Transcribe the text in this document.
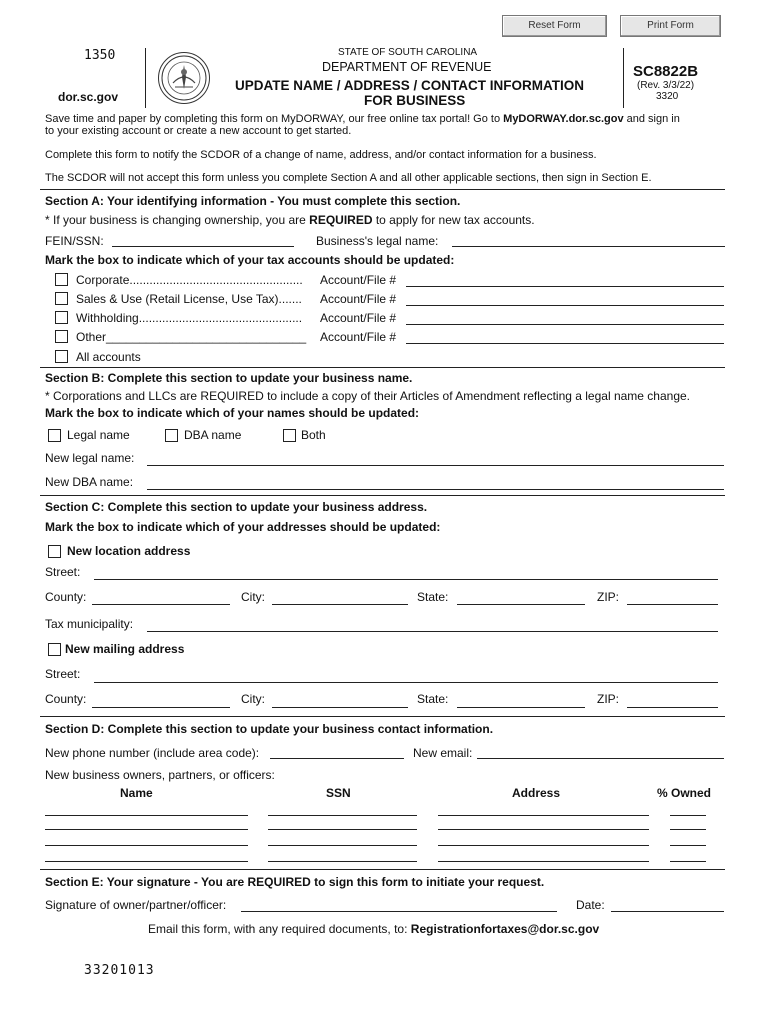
Reset Form	Print Form
1350
dor.sc.gov
STATE OF SOUTH CAROLINA
DEPARTMENT OF REVENUE
UPDATE NAME / ADDRESS / CONTACT INFORMATION
FOR BUSINESS
SC8822B
(Rev. 3/3/22)
3320
Save time and paper by completing this form on MyDORWAY, our free online tax portal! Go to MyDORWAY.dor.sc.gov and sign in
to your existing account or create a new account to get started.
Complete this form to notify the SCDOR of a change of name, address, and/or contact information for a business.
The SCDOR will not accept this form unless you complete Section A and all other applicable sections, then sign in Section E.
Section A: Your identifying information - You must complete this section.
* If your business is changing ownership, you are REQUIRED to apply for new tax accounts.
FEIN/SSN:	Business's legal name:
Mark the box to indicate which of your tax accounts should be updated:
Corporate.................................................... Account/File #
Sales & Use (Retail License, Use Tax)....... Account/File #
Withholding................................................. Account/File #
Other______________________________ Account/File #
All accounts
Section B: Complete this section to update your business name.
* Corporations and LLCs are REQUIRED to include a copy of their Articles of Amendment reflecting a legal name change.
Mark the box to indicate which of your names should be updated:
Legal name	DBA name	Both
New legal name:
New DBA name:
Section C: Complete this section to update your business address.
Mark the box to indicate which of your addresses should be updated:
New location address
Street:
County:	City:	State:	ZIP:
Tax municipality:
New mailing address
Street:
County:	City:	State:	ZIP:
Section D: Complete this section to update your business contact information.
New phone number (include area code):	New email:
New business owners, partners, or officers:
Name	SSN	Address	% Owned
Section E: Your signature - You are REQUIRED to sign this form to initiate your request.
Signature of owner/partner/officer:	Date:
Email this form, with any required documents, to: Registrationfortaxes@dor.sc.gov
33201013
